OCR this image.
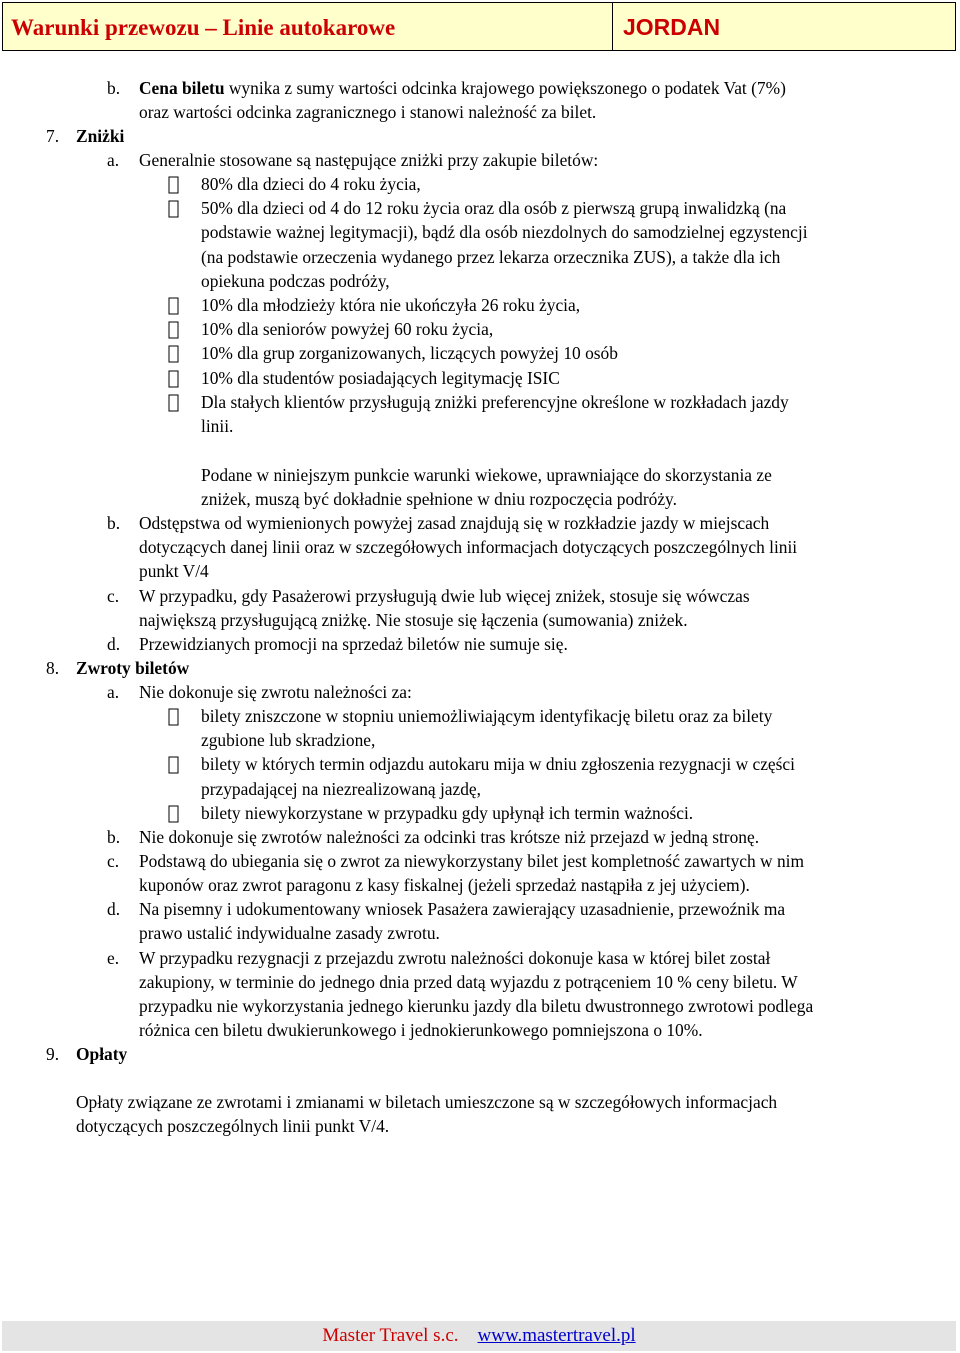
Warunki przewozu – Linie autokarowe	JORDAN
b. Cena biletu wynika z sumy wartości odcinka krajowego powiększonego o podatek Vat (7%)
oraz wartości odcinka zagranicznego i stanowi należność za bilet.
7. Zniżki
a. Generalnie stosowane są następujące zniżki przy zakupie biletów:
80% dla dzieci do 4 roku życia,
50% dla dzieci od 4 do 12 roku życia oraz dla osób z pierwszą grupą inwalidzką (na
podstawie ważnej legitymacji), bądź dla osób niezdolnych do samodzielnej egzystencji
(na podstawie orzeczenia wydanego przez lekarza orzecznika ZUS), a także dla ich
opiekuna podczas podróży,
10% dla młodzieży która nie ukończyła 26 roku życia,
10% dla seniorów powyżej 60 roku życia,
10% dla grup zorganizowanych, liczących powyżej 10 osób
10% dla studentów posiadających legitymację ISIC
Dla stałych klientów przysługują zniżki preferencyjne określone w rozkładach jazdy
linii.
Podane w niniejszym punkcie warunki wiekowe, uprawniające do skorzystania ze
zniżek, muszą być dokładnie spełnione w dniu rozpoczęcia podróży.
b. Odstępstwa od wymienionych powyżej zasad znajdują się w rozkładzie jazdy w miejscach
dotyczących danej linii oraz w szczegółowych informacjach dotyczących poszczególnych linii
punkt V/4
c. W przypadku, gdy Pasażerowi przysługują dwie lub więcej zniżek, stosuje się wówczas
największą przysługującą zniżkę. Nie stosuje się łączenia (sumowania) zniżek.
d. Przewidzianych promocji na sprzedaż biletów nie sumuje się.
8. Zwroty biletów
a. Nie dokonuje się zwrotu należności za:
bilety zniszczone w stopniu uniemożliwiającym identyfikację biletu oraz za bilety
zgubione lub skradzione,
bilety w których termin odjazdu autokaru mija w dniu zgłoszenia rezygnacji w części
przypadającej na niezrealizowaną jazdę,
bilety niewykorzystane w przypadku gdy upłynął ich termin ważności.
b. Nie dokonuje się zwrotów należności za odcinki tras krótsze niż przejazd w jedną stronę.
c. Podstawą do ubiegania się o zwrot za niewykorzystany bilet jest kompletność zawartych w nim
kuponów oraz zwrot paragonu z kasy fiskalnej (jeżeli sprzedaż nastąpiła z jej użyciem).
d. Na pisemny i udokumentowany wniosek Pasażera zawierający uzasadnienie, przewoźnik ma
prawo ustalić indywidualne zasady zwrotu.
e. W przypadku rezygnacji z przejazdu zwrotu należności dokonuje kasa w której bilet został
zakupiony, w terminie do jednego dnia przed datą wyjazdu z potrąceniem 10 % ceny biletu. W
przypadku nie wykorzystania jednego kierunku jazdy dla biletu dwustronnego zwrotowi podlega
różnica cen biletu dwukierunkowego i jednokierunkowego pomniejszona o 10%.
9. Opłaty
Opłaty związane ze zwrotami i zmianami w biletach umieszczone są w szczegółowych informacjach
dotyczących poszczególnych linii punkt V/4.
Master Travel s.c. www.mastertravel.pl
